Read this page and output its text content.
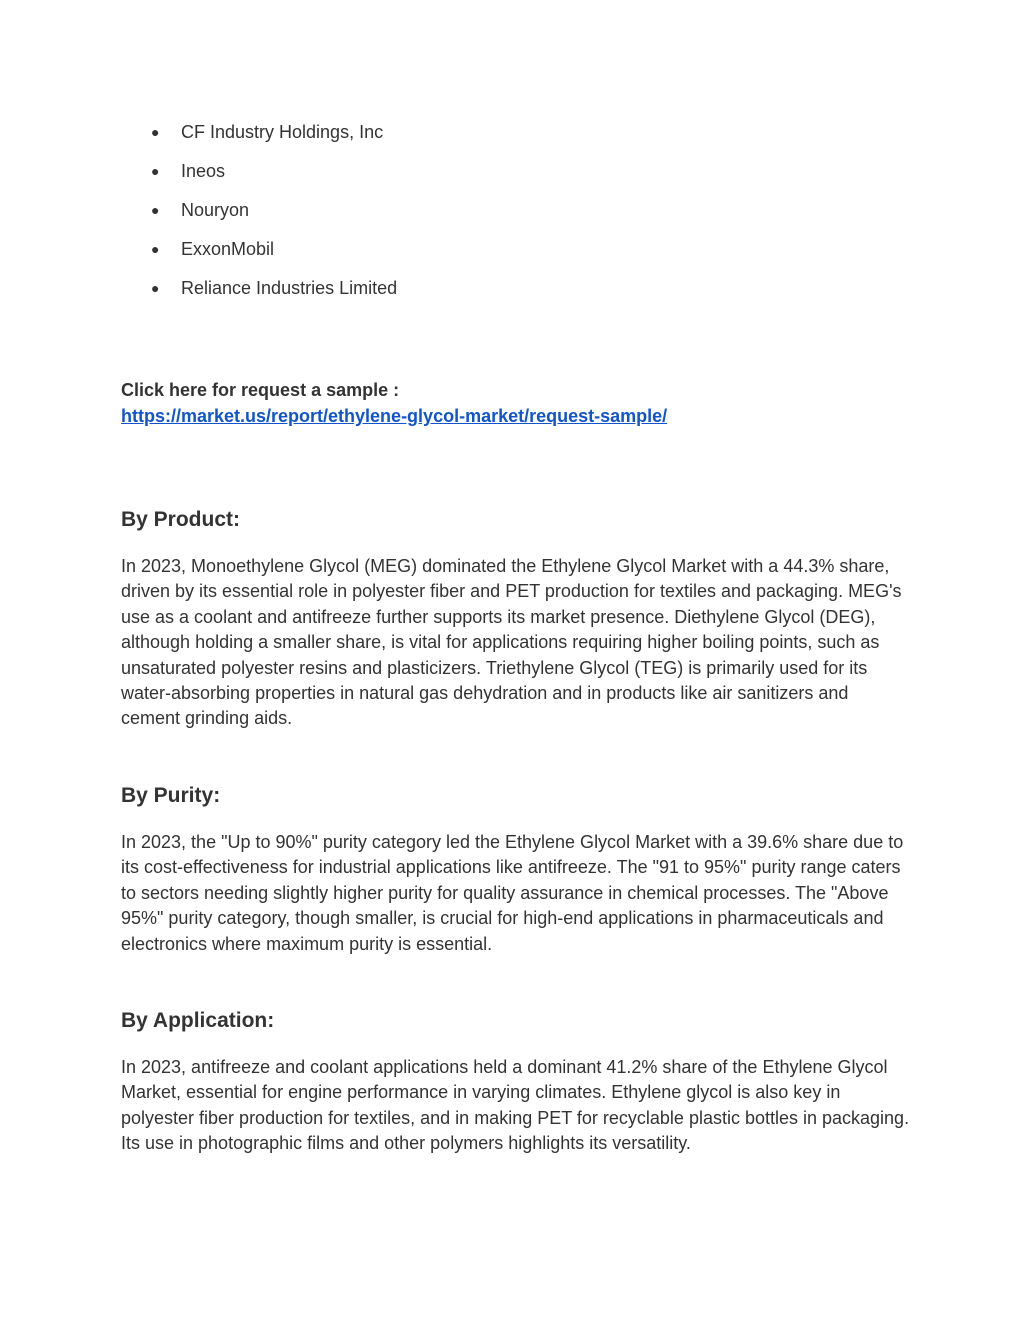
● CF Industry Holdings, Inc
● Ineos
● Nouryon
● ExxonMobil
● Reliance Industries Limited
Click here for request a sample :
https://market.us/report/ethylene-glycol-market/request-sample/
By Product:

In 2023, Monoethylene Glycol (MEG) dominated the Ethylene Glycol Market with a 44.3% share, driven by its essential role in polyester fiber and PET production for textiles and packaging. MEG's use as a coolant and antifreeze further supports its market presence. Diethylene Glycol (DEG), although holding a smaller share, is vital for applications requiring higher boiling points, such as unsaturated polyester resins and plasticizers. Triethylene Glycol (TEG) is primarily used for its water-absorbing properties in natural gas dehydration and in products like air sanitizers and cement grinding aids.

By Purity:

In 2023, the "Up to 90%" purity category led the Ethylene Glycol Market with a 39.6% share due to its cost-effectiveness for industrial applications like antifreeze. The "91 to 95%" purity range caters to sectors needing slightly higher purity for quality assurance in chemical processes. The "Above 95%" purity category, though smaller, is crucial for high-end applications in pharmaceuticals and electronics where maximum purity is essential.

By Application:

In 2023, antifreeze and coolant applications held a dominant 41.2% share of the Ethylene Glycol Market, essential for engine performance in varying climates. Ethylene glycol is also key in polyester fiber production for textiles, and in making PET for recyclable plastic bottles in packaging. Its use in photographic films and other polymers highlights its versatility.
